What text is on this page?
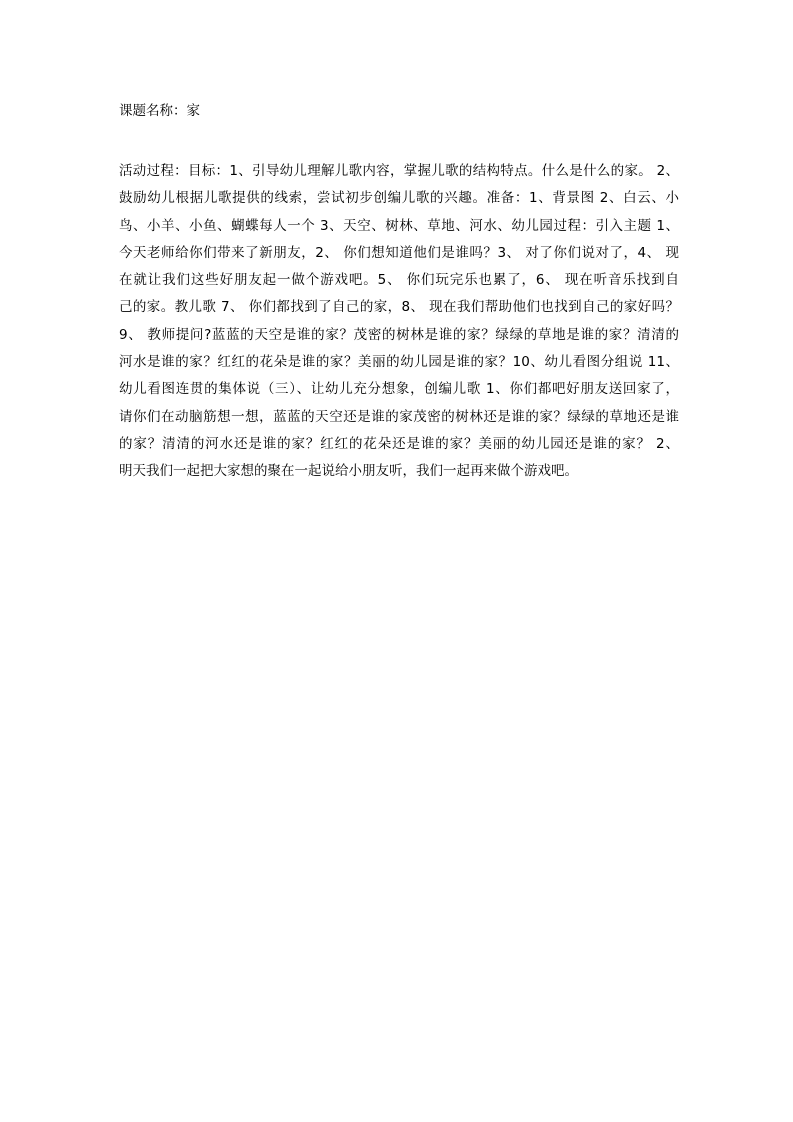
课题名称：家
活动过程：目标：1、引导幼儿理解儿歌内容，掌握儿歌的结构特点。什么是什么的家。 2、
鼓励幼儿根据儿歌提供的线索，尝试初步创编儿歌的兴趣。准备：1、背景图 2、白云、小
鸟、小羊、小鱼、蝴蝶每人一个 3、天空、树林、草地、河水、幼儿园过程：引入主题 1、
今天老师给你们带来了新朋友，2、 你们想知道他们是谁吗？3、 对了你们说对了，4、 现
在就让我们这些好朋友起一做个游戏吧。5、 你们玩完乐也累了，6、 现在听音乐找到自
己的家。教儿歌 7、 你们都找到了自己的家，8、 现在我们帮助他们也找到自己的家好吗？
9、 教师提问?蓝蓝的天空是谁的家？茂密的树林是谁的家？绿绿的草地是谁的家？清清的
河水是谁的家？红红的花朵是谁的家？美丽的幼儿园是谁的家？10、幼儿看图分组说 11、
幼儿看图连贯的集体说（三）、让幼儿充分想象，创编儿歌 1、你们都吧好朋友送回家了，
请你们在动脑筋想一想，蓝蓝的天空还是谁的家茂密的树林还是谁的家？绿绿的草地还是谁
的家？清清的河水还是谁的家？红红的花朵还是谁的家？美丽的幼儿园还是谁的家？ 2、
明天我们一起把大家想的聚在一起说给小朋友听，我们一起再来做个游戏吧。
